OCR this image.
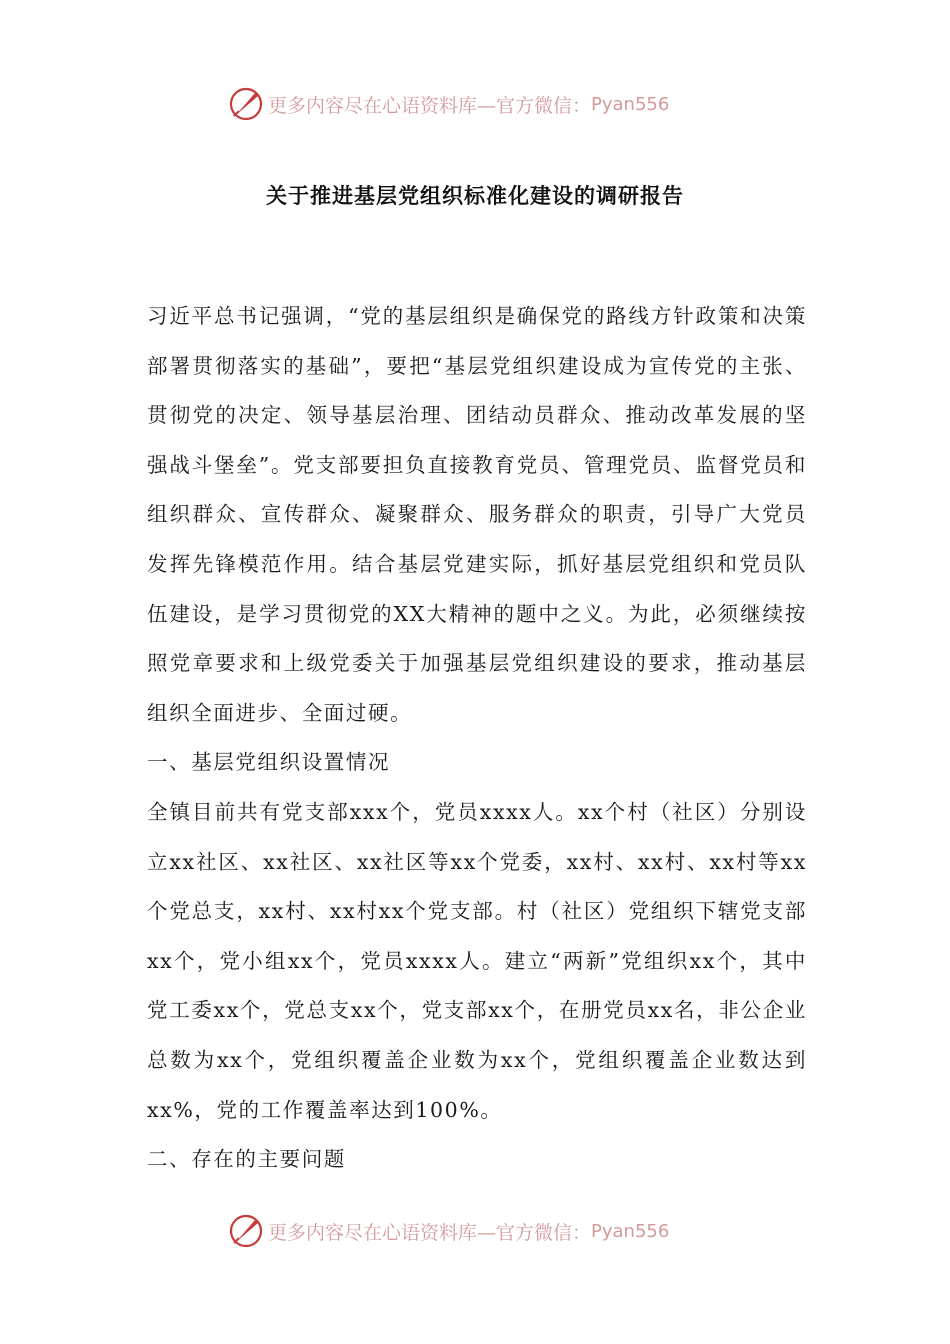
更多内容尽在心语资料库—官方微信： Pyan556
关于推进基层党组织标准化建设的调研报告

习近平总书记强调，“党的基层组织是确保党的路线方针政策和决策部署贯彻落实的基础”，要把“基层党组织建设成为宣传党的主张、贯彻党的决定、领导基层治理、团结动员群众、推动改革发展的坚强战斗堡垒”。党支部要担负直接教育党员、管理党员、监督党员和组织群众、宣传群众、凝聚群众、服务群众的职责，引导广大党员发挥先锋模范作用。结合基层党建实际，抓好基层党组织和党员队伍建设，是学习贯彻党的XX大精神的题中之义。为此，必须继续按照党章要求和上级党委关于加强基层党组织建设的要求，推动基层组织全面进步、全面过硬。

一、基层党组织设置情况

全镇目前共有党支部xxx个，党员xxxx人。xx个村（社区）分别设立xx社区、xx社区、xx社区等xx个党委，xx村、xx村、xx村等xx个党总支，xx村、xx村xx个党支部。村（社区）党组织下辖党支部xx个，党小组xx个，党员xxxx人。建立“两新”党组织xx个，其中党工委xx个，党总支xx个，党支部xx个，在册党员xx名，非公企业总数为xx个，党组织覆盖企业数为xx个，党组织覆盖企业数达到xx%，党的工作覆盖率达到100%。

二、存在的主要问题

更多内容尽在心语资料库—官方微信： Pyan556
